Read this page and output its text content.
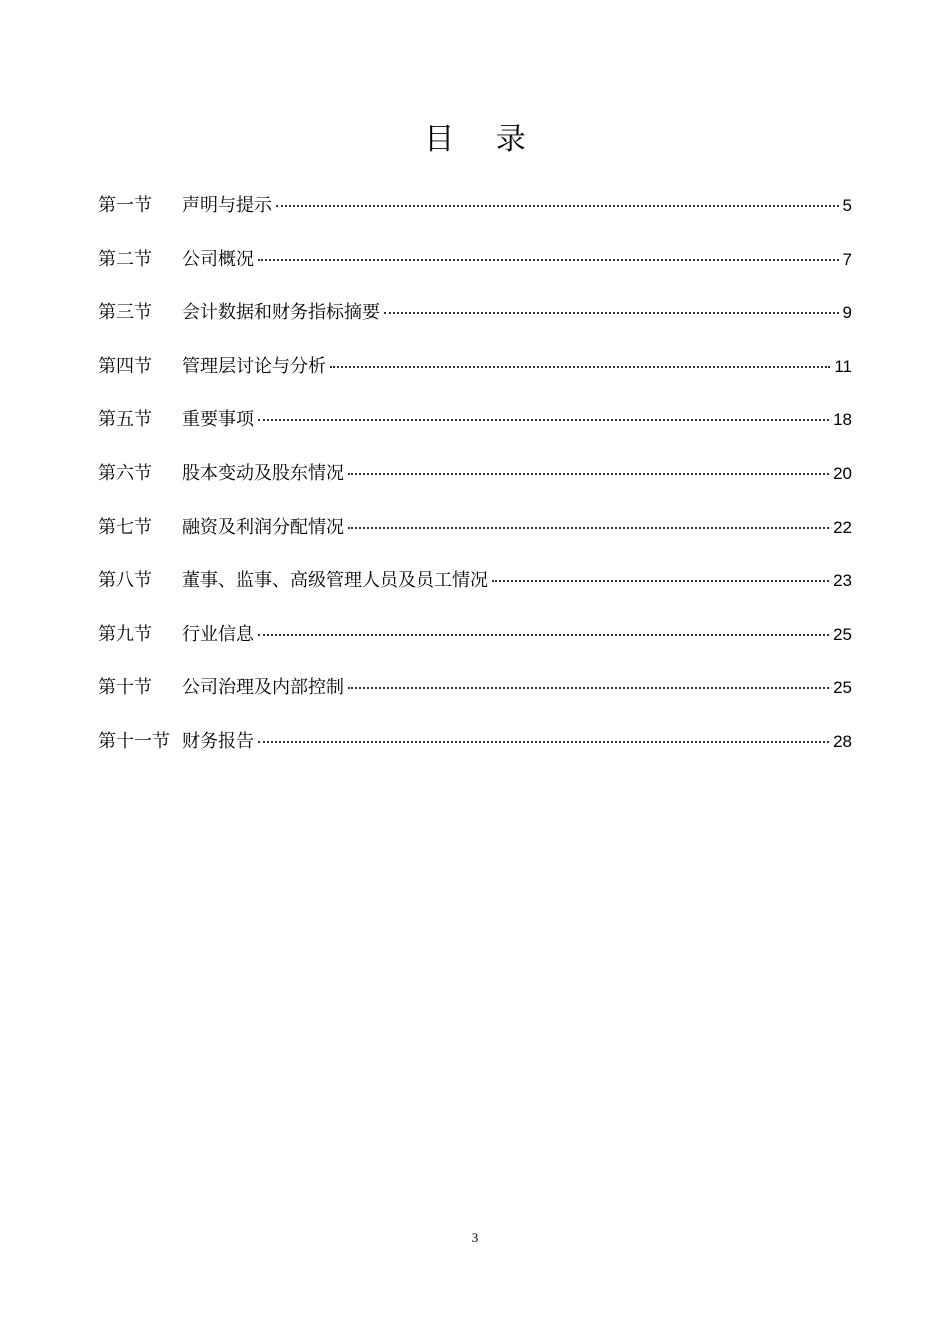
目 录
第一节	声明与提示	5
第二节	公司概况	7
第三节	会计数据和财务指标摘要	9
第四节	管理层讨论与分析	11
第五节	重要事项	18
第六节	股本变动及股东情况	20
第七节	融资及利润分配情况	22
第八节	董事、监事、高级管理人员及员工情况	23
第九节	行业信息	25
第十节	公司治理及内部控制	25
第十一节 财务报告	28
3
